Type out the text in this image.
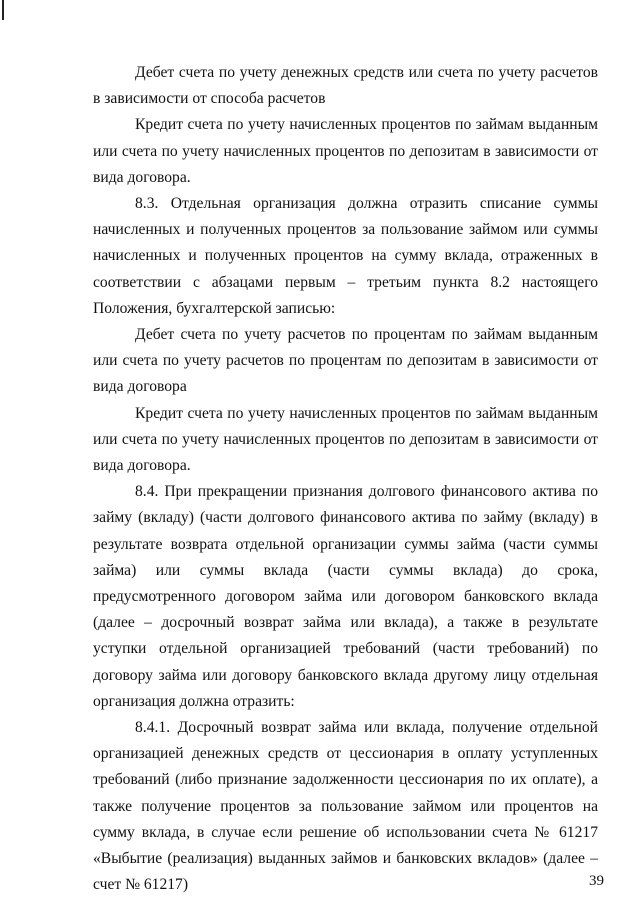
Дебет счета по учету денежных средств или счета по учету расчетов в зависимости от способа расчетов

Кредит счета по учету начисленных процентов по займам выданным или счета по учету начисленных процентов по депозитам в зависимости от вида договора.

8.3. Отдельная организация должна отразить списание суммы начисленных и полученных процентов за пользование займом или суммы начисленных и полученных процентов на сумму вклада, отраженных в соответствии с абзацами первым – третьим пункта 8.2 настоящего Положения, бухгалтерской записью:

Дебет счета по учету расчетов по процентам по займам выданным или счета по учету расчетов по процентам по депозитам в зависимости от вида договора

Кредит счета по учету начисленных процентов по займам выданным или счета по учету начисленных процентов по депозитам в зависимости от вида договора.

8.4. При прекращении признания долгового финансового актива по займу (вкладу) (части долгового финансового актива по займу (вкладу) в результате возврата отдельной организации суммы займа (части суммы займа) или суммы вклада (части суммы вклада) до срока, предусмотренного договором займа или договором банковского вклада (далее – досрочный возврат займа или вклада), а также в результате уступки отдельной организацией требований (части требований) по договору займа или договору банковского вклада другому лицу отдельная организация должна отразить:

8.4.1. Досрочный возврат займа или вклада, получение отдельной организацией денежных средств от цессионария в оплату уступленных требований (либо признание задолженности цессионария по их оплате), а также получение процентов за пользование займом или процентов на сумму вклада, в случае если решение об использовании счета № 61217 «Выбытие (реализация) выданных займов и банковских вкладов» (далее – счет № 61217)	39
